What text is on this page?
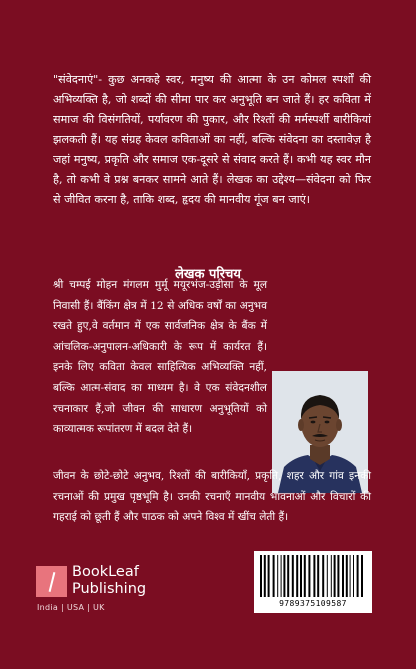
"संवेदनाएं"- कुछ अनकहे स्वर, मनुष्य की आत्मा के उन कोमल स्पर्शों की अभिव्यक्ति है, जो शब्दों की सीमा पार कर अनुभूति बन जाते हैं। हर कविता में समाज की विसंगतियों, पर्यावरण की पुकार, और रिश्तों की मर्मस्पर्शी बारीकियां झलकती हैं। यह संग्रह केवल कविताओं का नहीं, बल्कि संवेदना का दस्तावेज़ है जहां मनुष्य, प्रकृति और समाज एक-दूसरे से संवाद करते हैं। कभी यह स्वर मौन है, तो कभी वे प्रश्न बनकर सामने आते हैं। लेखक का उद्देश्य—संवेदना को फिर से जीवित करना है, ताकि शब्द, हृदय की मानवीय गूंज बन जाएं।
लेखक परिचय
श्री चम्पई मोहन मंगलम मुर्मू मयूरभंज-उड़ीसा के मूल निवासी हैं। बैंकिंग क्षेत्र में 12 से अधिक वर्षों का अनुभव रखते हुए,वे वर्तमान में एक सार्वजनिक क्षेत्र के बैंक में आंचलिक-अनुपालन-अधिकारी के रूप में कार्यरत हैं। इनके लिए कविता केवल साहित्यिक अभिव्यक्ति नहीं, बल्कि आत्म-संवाद का माध्यम है। वे एक संवेदनशील रचनाकार हैं,जो जीवन की साधारण अनुभूतियों को काव्यात्मक रूपांतरण में बदल देते हैं।
जीवन के छोटे-छोटे अनुभव, रिश्तों की बारीकियाँ, प्रकृति, शहर और गांव इनकी रचनाओं की प्रमुख पृष्ठभूमि है। उनकी रचनाएँ मानवीय भावनाओं और विचारों की गहराई को छूती हैं और पाठक को अपने विश्व में खींच लेती हैं।
BookLeaf
Publishing
India | USA | UK	9789375109587
